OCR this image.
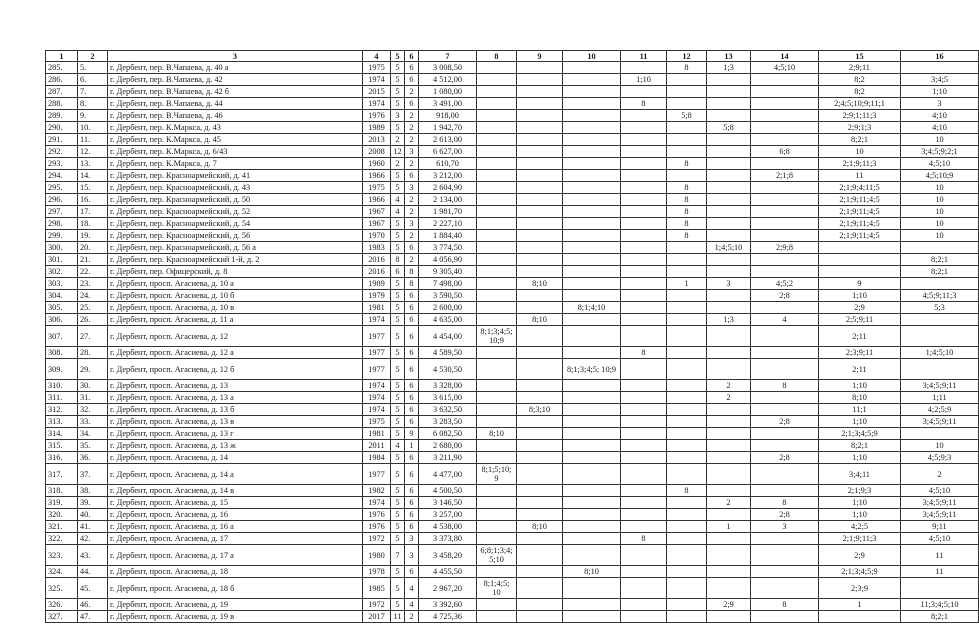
1	2	3	4	5	6	7	8	9	10	11	12	13	14	15	16
285.	5.	г. Дербент, пер. В.Чапаева, д. 40 а	1975	5	6	3 008,50					8	1;3	4;5;10	2;9;11	
286.	6.	г. Дербент, пер. В.Чапаева, д. 42	1974	5	6	4 512,00				1;10				8;2	3;4;5
287.	7.	г. Дербент, пер. В.Чапаева, д. 42 б	2015	5	2	1 080,00								8;2	1;10
288.	8.	г. Дербент, пер. В.Чапаева, д. 44	1974	5	6	3 491,00				8				2;4;5;10;9;11;1	3
289.	9.	г. Дербент, пер. В.Чапаева, д. 46	1976	3	2	918,00					5;8			2;9;1;11;3	4;10
290.	10.	г. Дербент, пер. К.Маркса, д. 43	1989	5	2	1 942,70						5;8		2;9;1;3	4;10
291.	11.	г. Дербент, пер. К.Маркса, д. 45	2013	2	2	2 613,00								8;2;1	10
292.	12.	г. Дербент, пер. К.Маркса, д. 6/43	2008	12	3	6 627,00							6;8	10	3;4;5;9;2;1
293.	13.	г. Дербент, пер. К.Маркса, д. 7	1960	2	2	610,70					8			2;1;9;11;3	4;5;10
294.	14.	г. Дербент, пер. Красноармейский, д. 41	1966	5	6	3 212,00							2;1;8	11	4;5;10;9
295.	15.	г. Дербент, пер. Красноармейский, д. 43	1975	5	3	2 604,90					8			2;1;9;4;11;5	10
296.	16.	г. Дербент, пер. Красноармейский, д. 50	1966	4	2	2 134,00					8			2;1;9;11;4;5	10
297.	17.	г. Дербент, пер. Красноармейский, д. 52	1967	4	2	1 981,70					8			2;1;9;11;4;5	10
298.	18.	г. Дербент, пер. Красноармейский, д. 54	1967	5	3	2 227,10					8			2;1;9;11;4;5	10
299.	19.	г. Дербент, пер. Красноармейский, д. 56	1970	5	2	1 884,40					8			2;1;9;11;4;5	10
300.	20.	г. Дербент, пер. Красноармейский, д. 56 а	1983	5	6	3 774,50						1;4;5;10	2;9;8		
301.	21.	г. Дербент, пер. Красноармейский 1-й, д. 2	2016	8	2	4 056,90									8;2;1
302.	22.	г. Дербент, пер. Офицерский, д. 8	2016	6	8	9 305,40									8;2;1
303.	23.	г. Дербент, просп. Агасиева, д. 10 а	1989	5	8	7 498,00		8;10			1	3	4;5;2	9	
304.	24.	г. Дербент, просп. Агасиева, д. 10 б	1979	5	6	3 590,50							2;8	1;10	4;5;9;11;3
305.	25.	г. Дербент, просп. Агасиева, д. 10 в	1981	5	6	2 600,00			8;1;4;10					2;9	5;3
306.	26.	г. Дербент, просп. Агасиева, д. 11 а	1974	5	6	4 635,00		8;10				1;3	4	2;5;9;11	
307.	27.	г. Дербент, просп. Агасиева, д. 12	1977	5	6	4 454,00	8;1;3;4;5; 10;9							2;11	
308.	28.	г. Дербент, просп. Агасиева, д. 12 а	1977	5	6	4 589,50				8				2;3;9;11	1;4;5;10
309.	29.	г. Дербент, просп. Агасиева, д. 12 б	1977	5	6	4 530,50			8;1;3;4;5; 10;9					2;11	
310.	30.	г. Дербент, просп. Агасиева, д. 13	1974	5	6	3 328,00						2	8	1;10	3;4;5;9;11
311.	31.	г. Дербент, просп. Агасиева, д. 13 а	1974	5	6	3 615,00						2		8;10	1;11
312.	32.	г. Дербент, просп. Агасиева, д. 13 б	1974	5	6	3 632,50		8;3;10						11;1	4;2;5;9
313.	33.	г. Дербент, просп. Агасиева, д. 13 в	1975	5	6	3 283,50							2;8	1;10	3;4;5;9;11
314.	34.	г. Дербент, просп. Агасиева, д. 13 г	1981	5	9	6 082,50	8;10							2;1;3;4;5;9	
315.	35.	г. Дербент, просп. Агасиева, д. 13 ж	2011	4	1	2 680,00								8;2;1	10
316.	36.	г. Дербент, просп. Агасиева, д. 14	1984	5	6	3 211,90							2;8	1;10	4;5;9;3
317.	37.	г. Дербент, просп. Агасиева, д. 14 а	1977	5	6	4 477,00	8;1;5;10; 9							3;4;11	2
318.	38.	г. Дербент, просп. Агасиева, д. 14 в	1982	5	6	4 500,50					8			2;1;9;3	4;5;10
319.	39.	г. Дербент, просп. Агасиева, д. 15	1974	5	6	3 146,50						2	8	1;10	3;4;5;9;11
320.	40.	г. Дербент, просп. Агасиева, д. 16	1976	5	6	3 257,00							2;8	1;10	3;4;5;9;11
321.	41.	г. Дербент, просп. Агасиева, д. 16 а	1976	5	6	4 538,00		8;10				1	3	4;2;5	9;11
322.	42.	г. Дербент, просп. Агасиева, д. 17	1972	5	3	3 373,80				8				2;1;9;11;3	4;5;10
323.	43.	г. Дербент, просп. Агасиева, д. 17 а	1980	7	3	3 458,20	6;8;1;3;4; 5;10							2;9	11
324.	44.	г. Дербент, просп. Агасиева, д. 18	1978	5	6	4 455,50			8;10					2;1;3;4;5;9	11
325.	45.	г. Дербент, просп. Агасиева, д. 18 б	1985	5	4	2 967,20	8;1;4;5; 10							2;3;9	
326.	46.	г. Дербент, просп. Агасиева, д. 19	1972	5	4	3 392,60						2;9	8	1	11;3;4;5;10
327.	47.	г. Дербент, просп. Агасиева, д. 19 в	2017	11	2	4 725,36									8;2;1
